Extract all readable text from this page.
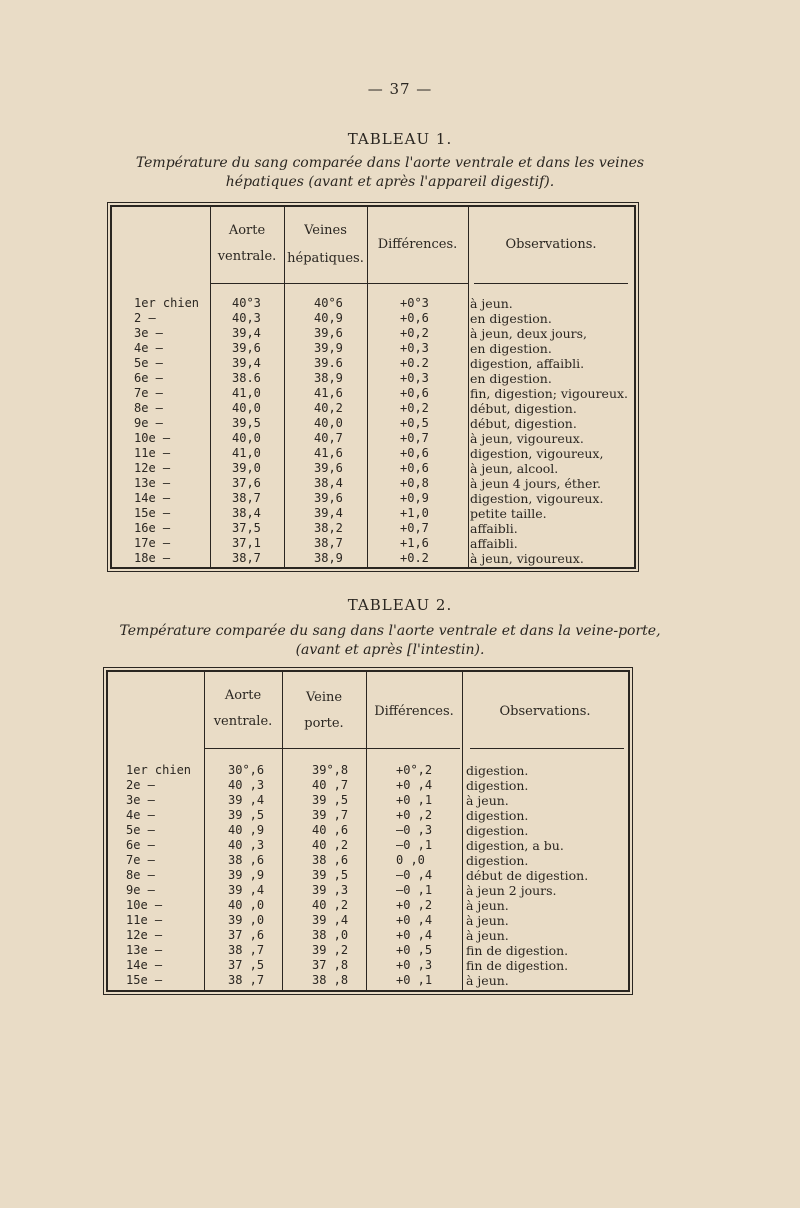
— 37 —
TABLEAU 1.
Température du sang comparée dans l'aorte ventrale et dans les veines hépatiques (avant et après l'appareil digestif).
Aorte
ventrale.
Veines
hépatiques.
Différences.	Observations.
1er chien	40°3	40°6	+0°3	à jeun.
2 —	40,3	40,9	+0,6	en digestion.
3e —	39,4	39,6	+0,2	à jeun, deux jours,
4e —	39,6	39,9	+0,3	en digestion.
5e —	39,4	39.6	+0.2	digestion, affaibli.
6e —	38.6	38,9	+0,3	en digestion.
7e —	41,0	41,6	+0,6	fin, digestion; vigoureux.
8e —	40,0	40,2	+0,2	début, digestion.
9e —	39,5	40,0	+0,5	début, digestion.
10e —	40,0	40,7	+0,7	à jeun, vigoureux.
11e —	41,0	41,6	+0,6	digestion, vigoureux,
12e —	39,0	39,6	+0,6	à jeun, alcool.
13e —	37,6	38,4	+0,8	à jeun 4 jours, éther.
14e —	38,7	39,6	+0,9	digestion, vigoureux.
15e —	38,4	39,4	+1,0	petite taille.
16e —	37,5	38,2	+0,7	affaibli.
17e —	37,1	38,7	+1,6	affaibli.
18e —	38,7	38,9	+0.2	à jeun, vigoureux.
TABLEAU 2.
Température comparée du sang dans l'aorte ventrale et dans la veine-porte, (avant et après [l'intestin).
Aorte
ventrale.
Veine
porte.
Différences.	Observations.
1er chien	30°,6	39°,8	+0°,2	digestion.
2e —	40 ,3	40 ,7	+0 ,4	digestion.
3e —	39 ,4	39 ,5	+0 ,1	à jeun.
4e —	39 ,5	39 ,7	+0 ,2	digestion.
5e —	40 ,9	40 ,6	—0 ,3	digestion.
6e —	40 ,3	40 ,2	—0 ,1	digestion, a bu.
7e —	38 ,6	38 ,6	0 ,0	digestion.
8e —	39 ,9	39 ,5	—0 ,4	début de digestion.
9e —	39 ,4	39 ,3	—0 ,1	à jeun 2 jours.
10e —	40 ,0	40 ,2	+0 ,2	à jeun.
11e —	39 ,0	39 ,4	+0 ,4	à jeun.
12e —	37 ,6	38 ,0	+0 ,4	à jeun.
13e —	38 ,7	39 ,2	+0 ,5	fin de digestion.
14e —	37 ,5	37 ,8	+0 ,3	fin de digestion.
15e —	38 ,7	38 ,8	+0 ,1	à jeun.
